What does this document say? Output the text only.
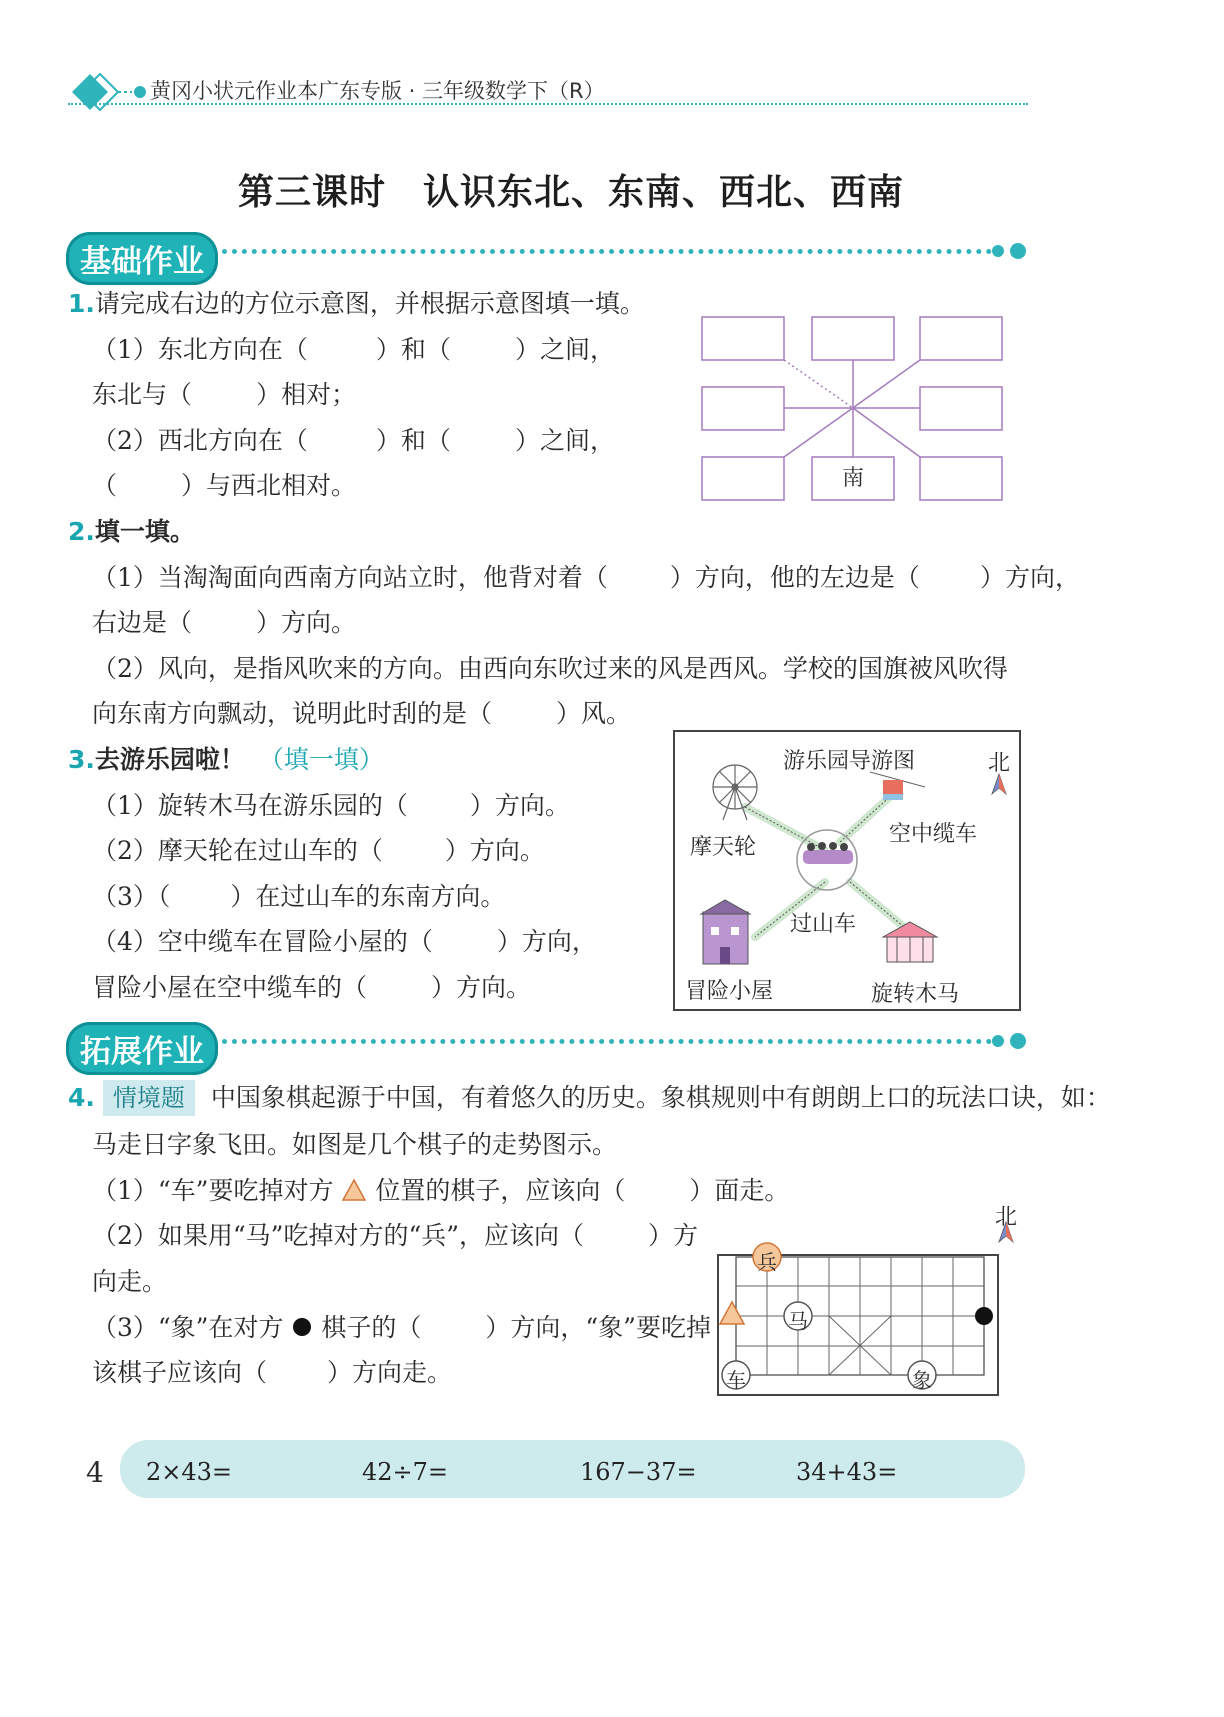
黄冈小状元作业本广东专版 · 三年级数学下（R）
第三课时　认识东北、东南、西北、西南
基础作业
1.请完成右边的方位示意图，并根据示意图填一填。
（1）东北方向在（	）和（	）之间，
东北与（	）相对；
（2）西北方向在（	）和（	）之间，
（	）与西北相对。	南
2.填一填。
（1）当淘淘面向西南方向站立时，他背对着（ ）方向，他的左边是（ ）方向，
右边是（	）方向。
（2）风向，是指风吹来的方向。由西向东吹过来的风是西风。学校的国旗被风吹得
向东南方向飘动，说明此时刮的是（	）风。
3.去游乐园啦！ （填一填）
（1）旋转木马在游乐园的（ ）方向。
（2）摩天轮在过山车的（ ）方向。
（3）（ ）在过山车的东南方向。
（4）空中缆车在冒险小屋的（	）方向，
冒险小屋在空中缆车的（	）方向。
游乐园导游图	北
摩天轮
空中缆车
过山车
冒险小屋	旋转木马
拓展作业
4. 情境题 中国象棋起源于中国，有着悠久的历史。象棋规则中有朗朗上口的玩法口诀，如：
马走日字象飞田。如图是几个棋子的走势图示。
（1）“车”要吃掉对方 位置的棋子，应该向（	）面走。
（2）如果用“马”吃掉对方的“兵”，应该向（	）方
向走。
（3）“象”在对方 棋子的（	）方向，“象”要吃掉
该棋子应该向（ ）方向走。
北
兵
马
车	象
4 2×43=	42÷7=	167−37=	34+43=
